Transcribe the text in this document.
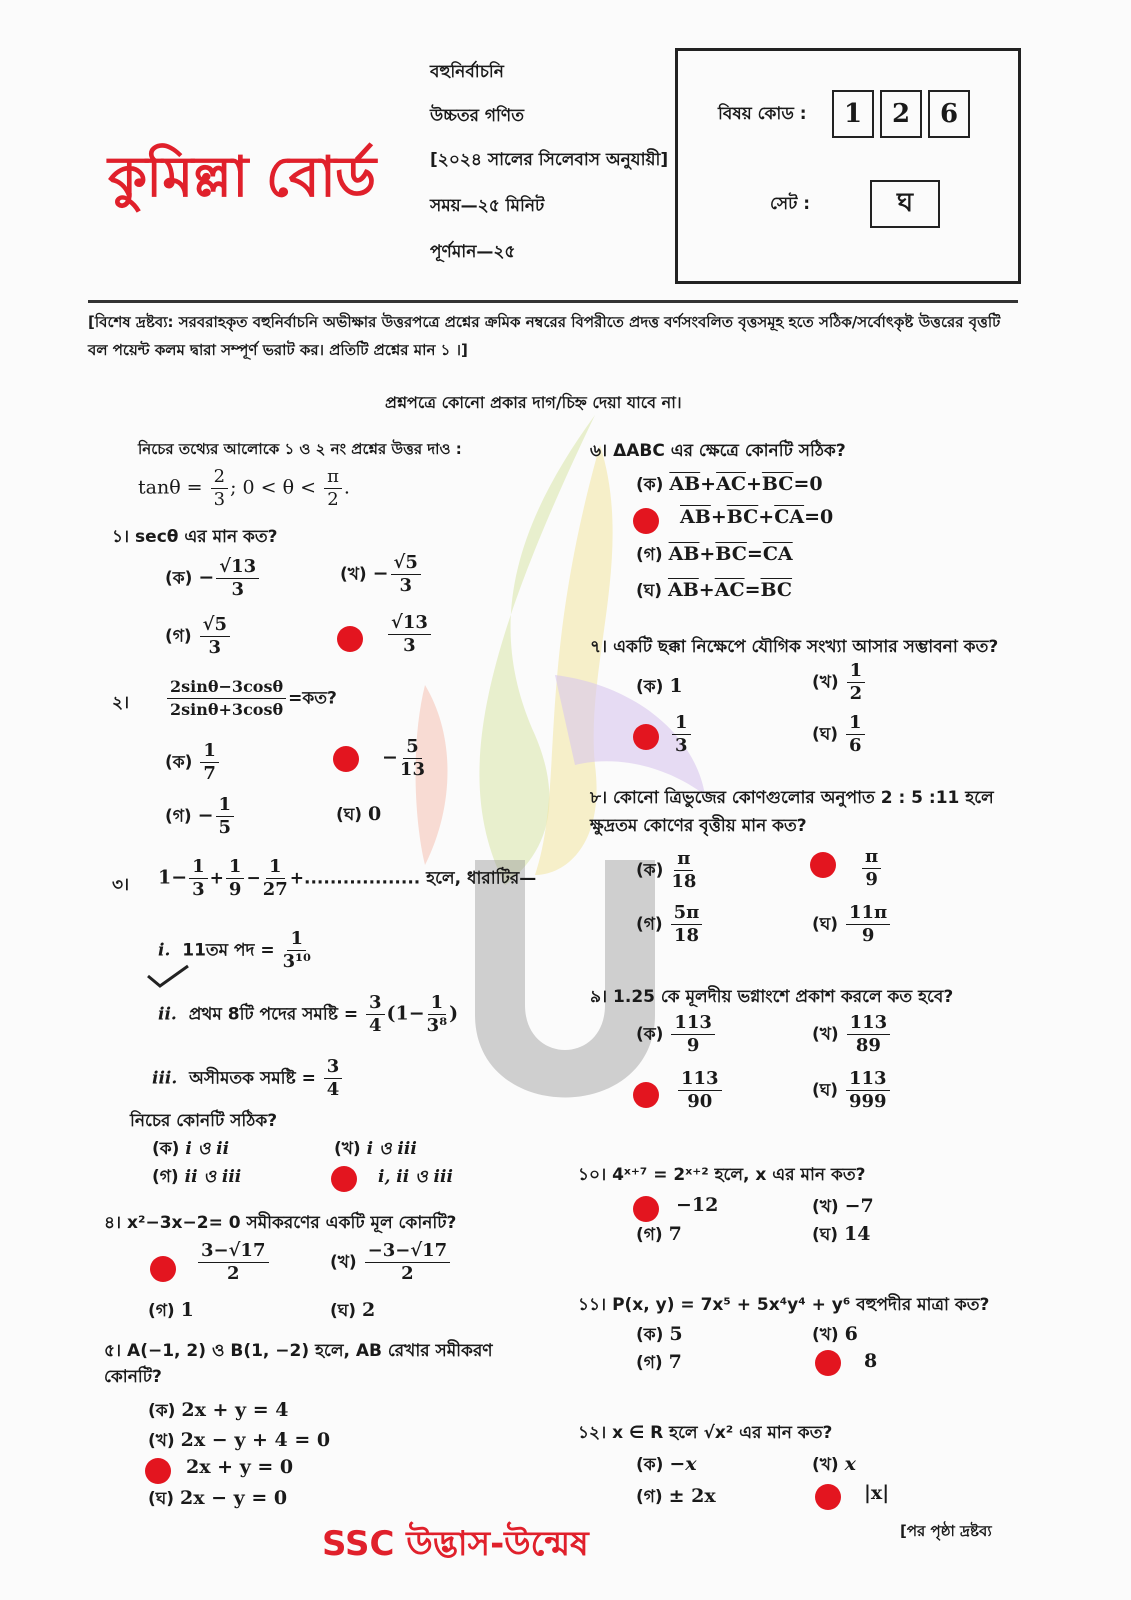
কুমিল্লা বোর্ড
বহুনির্বাচনি
উচ্চতর গণিত
[২০২৪ সালের সিলেবাস অনুযায়ী]
সময়—২৫ মিনিট
পূর্ণমান—২৫
বিষয় কোড :	1	2	6
সেট :	ঘ
[বিশেষ দ্রষ্টব্য: সরবরাহকৃত বহুনির্বাচনি অভীক্ষার উত্তরপত্রে প্রশ্নের ক্রমিক নম্বরের বিপরীতে প্রদত্ত বর্ণসংবলিত বৃত্তসমূহ হতে সঠিক/সর্বোৎকৃষ্ট উত্তরের বৃত্তটি বল পয়েন্ট কলম দ্বারা সম্পূর্ণ ভরাট কর। প্রতিটি প্রশ্নের মান ১ ।]
প্রশ্নপত্রে কোনো প্রকার দাগ/চিহ্ন দেয়া যাবে না।
নিচের তথ্যের আলোকে ১ ও ২ নং প্রশ্নের উত্তর দাও :
$\tan\theta = \frac{2}{3}$ ; $0 < \theta < \frac{\pi}{2}$ .
১। secθ এর মান কত?
(ক) − $\frac{√13}{3}$	(খ) − $\frac{√5}{3}$
(গ) $\frac{√5}{3}$	$\frac{√13}{3}$
২। $\frac{2\sin\theta-3\cos\theta}{2\sin\theta+3\cos\theta}$ =কত?
(ক) $\frac{1}{7}$	− $\frac{5}{13}$
(গ) − $\frac{1}{5}$	(ঘ) 0
৩। $1- \frac{1}{3} + \frac{1}{9} - \frac{1}{27}$ +.................. হলে, ধারাটির—
i. 11তম পদ = $\frac{1}{\text{3¹⁰}}$
ii. প্রথম 8টি পদের সমষ্টি = $\frac{3}{4} (1- \frac{1}{\text{3⁸}}$ )
iii. অসীমতক সমষ্টি = $\frac{3}{4}$
নিচের কোনটি সঠিক?
(ক) i ও ii	(খ) i ও iii
(গ) ii ও iii	i, ii ও iii
৪। x²−3x−2= 0 সমীকরণের একটি মূল কোনটি?
$\frac{3-√17}{2}$	(খ) $\frac{-3-√17}{2}$
(গ) 1	(ঘ) 2
৫। A(−1, 2) ও B(1, −2) হলে, AB রেখার সমীকরণ কোনটি?
(ক) 2x + y = 4
(খ) 2x − y + 4 = 0
2x + y = 0
(ঘ) 2x − y = 0
৬। ΔABC এর ক্ষেত্রে কোনটি সঠিক?
(ক) $\overline{AB}+\overline{AC}+\overline{BC}=0$
$\overline{AB}+\overline{BC}+\overline{CA}=0$
(গ) $\overline{AB}+\overline{BC}=\overline{CA}$
(ঘ) $\overline{AB}+\overline{AC}=\overline{BC}$
৭। একটি ছক্কা নিক্ষেপে যৌগিক সংখ্যা আসার সম্ভাবনা কত?
(ক) 1	(খ) $\frac{1}{2}$
$\frac{1}{3}$	(ঘ) $\frac{1}{6}$
৮। কোনো ত্রিভুজের কোণগুলোর অনুপাত 2 : 5 :11 হলে ক্ষুদ্রতম কোণের বৃত্তীয় মান কত?
(ক) $\frac{\pi}{18}$	$\frac{\pi}{9}$
(গ) $\frac{5\pi}{18}$	(ঘ) $\frac{11\pi}{9}$
৯। 1.25 কে মূলদীয় ভগ্নাংশে প্রকাশ করলে কত হবে?
(ক) $\frac{113}{9}$	(খ) $\frac{113}{89}$
$\frac{113}{90}$	(ঘ) $\frac{113}{999}$
১০। 4ˣ⁺⁷ = 2ˣ⁺² হলে, x এর মান কত?
−12	(খ) −7
(গ) 7	(ঘ) 14
১১। P(x, y) = 7x⁵ + 5x⁴y⁴ + y⁶ বহুপদীর মাত্রা কত?
(ক) 5	(খ) 6
(গ) 7	8
১২। x ∈ R হলে √x² এর মান কত?
(ক) −x	(খ) x
(গ) ± 2x	|x|
SSC উদ্ভাস-উন্মেষ	[পর পৃষ্ঠা দ্রষ্টব্য
